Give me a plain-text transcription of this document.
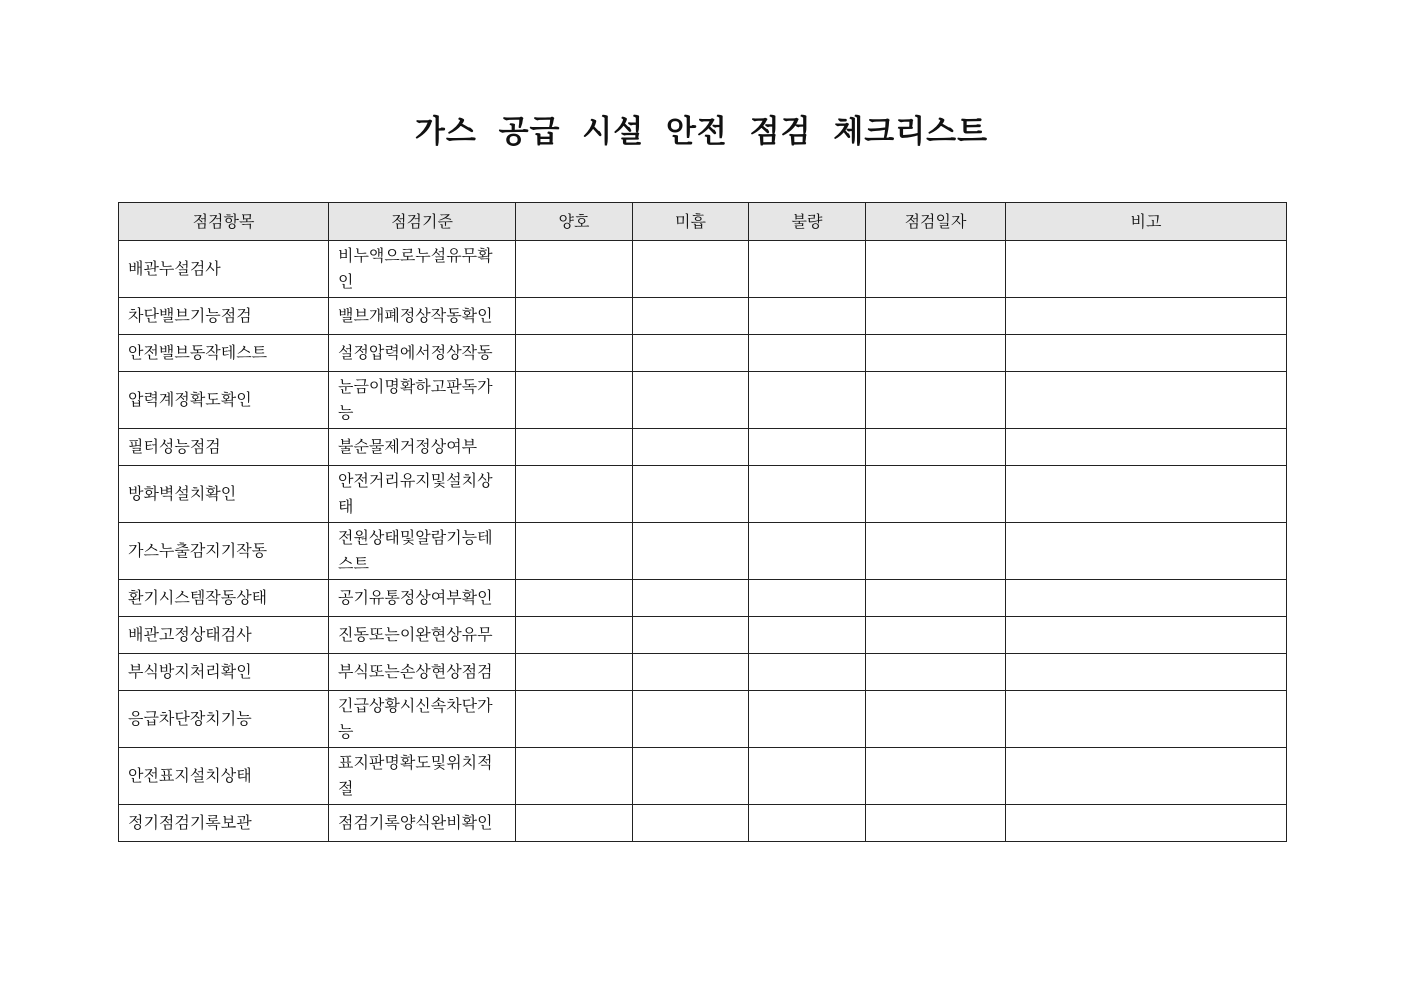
가스 공급 시설 안전 점검 체크리스트
점검항목	점검기준	양호	미흡	불량	점검일자	비고
배관누설검사	비누액으로누설유무확인					
차단밸브기능점검	밸브개폐정상작동확인					
안전밸브동작테스트	설정압력에서정상작동					
압력계정확도확인	눈금이명확하고판독가능					
필터성능점검	불순물제거정상여부					
방화벽설치확인	안전거리유지및설치상태					
가스누출감지기작동	전원상태및알람기능테스트					
환기시스템작동상태	공기유통정상여부확인					
배관고정상태검사	진동또는이완현상유무					
부식방지처리확인	부식또는손상현상점검					
응급차단장치기능	긴급상황시신속차단가능					
안전표지설치상태	표지판명확도및위치적절					
정기점검기록보관	점검기록양식완비확인					
